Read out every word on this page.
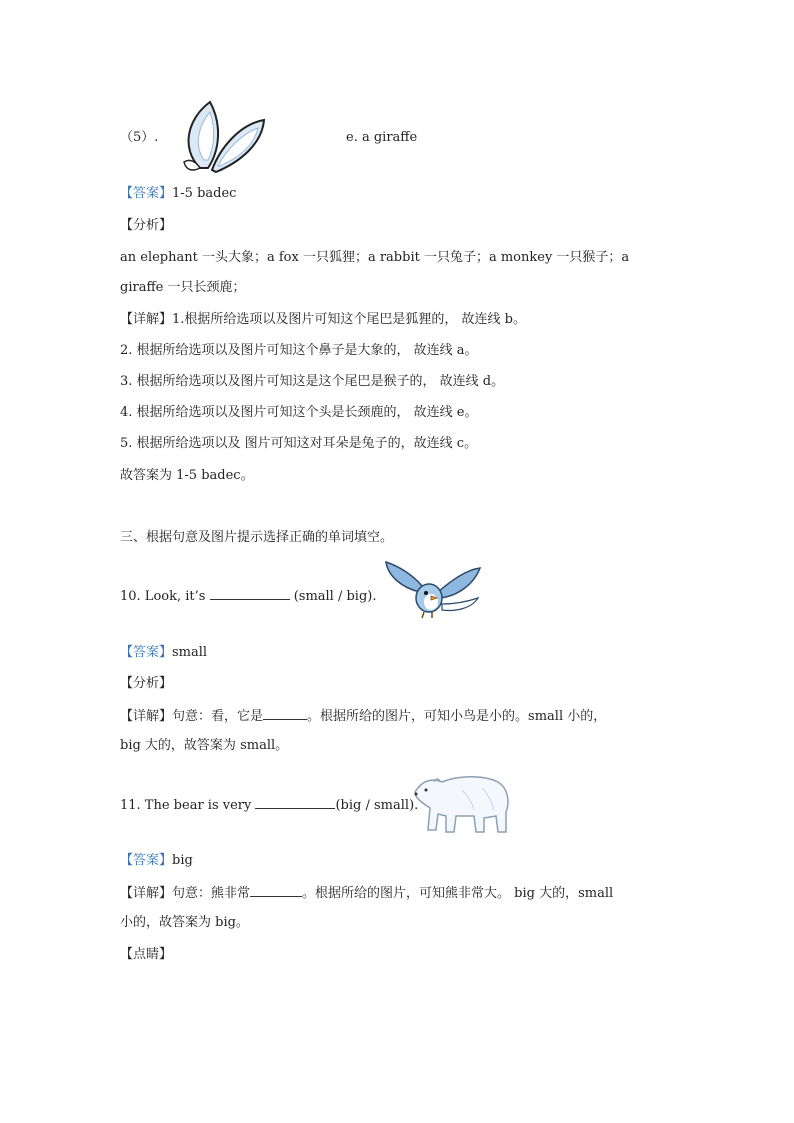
（5）.	e. a giraffe
【答案】1-5 badec
【分析】
an elephant 一头大象；a fox 一只狐狸；a rabbit 一只兔子；a monkey 一只猴子；a
giraffe 一只长颈鹿；
【详解】1.根据所给选项以及图片可知这个尾巴是狐狸的， 故连线 b。
2. 根据所给选项以及图片可知这个鼻子是大象的， 故连线 a。
3. 根据所给选项以及图片可知这是这个尾巴是猴子的， 故连线 d。
4. 根据所给选项以及图片可知这个头是长颈鹿的， 故连线 e。
5. 根据所给选项以及 图片可知这对耳朵是兔子的，故连线 c。
故答案为 1-5 badec。
三、根据句意及图片提示选择正确的单词填空。
10. Look, it’s	(small / big).
【答案】small
【分析】
【详解】句意：看，它是	。根据所给的图片，可知小鸟是小的。small 小的，
big 大的，故答案为 small。
11. The bear is very	(big / small).
【答案】big
【详解】句意：熊非常	。根据所给的图片，可知熊非常大。 big 大的，small
小的，故答案为 big。
【点睛】
